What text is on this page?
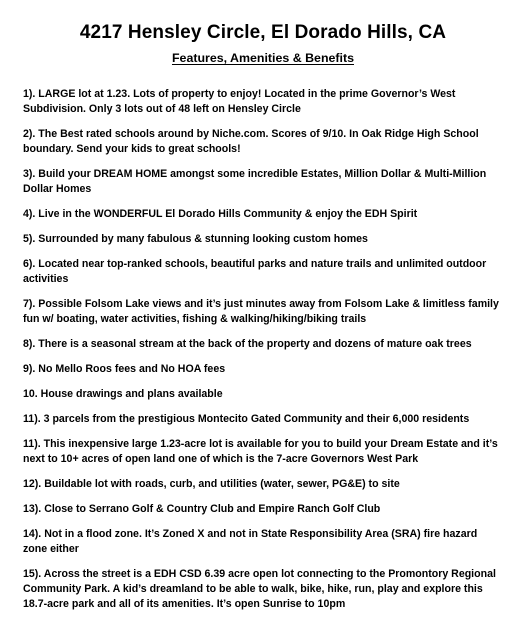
4217 Hensley Circle, El Dorado Hills, CA
Features, Amenities & Benefits
1). LARGE lot at 1.23. Lots of property to enjoy! Located in the prime Governor’s West Subdivision. Only 3 lots out of 48 left on Hensley Circle
2). The Best rated schools around by Niche.com. Scores of 9/10. In Oak Ridge High School boundary. Send your kids to great schools!
3). Build your DREAM HOME amongst some incredible Estates, Million Dollar & Multi-Million Dollar Homes
4). Live in the WONDERFUL El Dorado Hills Community & enjoy the EDH Spirit
5). Surrounded by many fabulous & stunning looking custom homes
6). Located near top-ranked schools, beautiful parks and nature trails and unlimited outdoor activities
7). Possible Folsom Lake views and it’s just minutes away from Folsom Lake & limitless family fun w/ boating, water activities, fishing & walking/hiking/biking trails
8). There is a seasonal stream at the back of the property and dozens of mature oak trees
9). No Mello Roos fees and No HOA fees
10. House drawings and plans available
11). 3 parcels from the prestigious Montecito Gated Community and their 6,000 residents
11). This inexpensive large 1.23-acre lot is available for you to build your Dream Estate and it’s next to 10+ acres of open land one of which is the 7-acre Governors West Park
12). Buildable lot with roads, curb, and utilities (water, sewer, PG&E) to site
13). Close to Serrano Golf & Country Club and Empire Ranch Golf Club
14). Not in a flood zone. It’s Zoned X and not in State Responsibility Area (SRA) fire hazard zone either
15). Across the street is a EDH CSD 6.39 acre open lot connecting to the Promontory Regional Community Park. A kid’s dreamland to be able to walk, bike, hike, run, play and explore this 18.7-acre park and all of its amenities. It’s open Sunrise to 10pm
